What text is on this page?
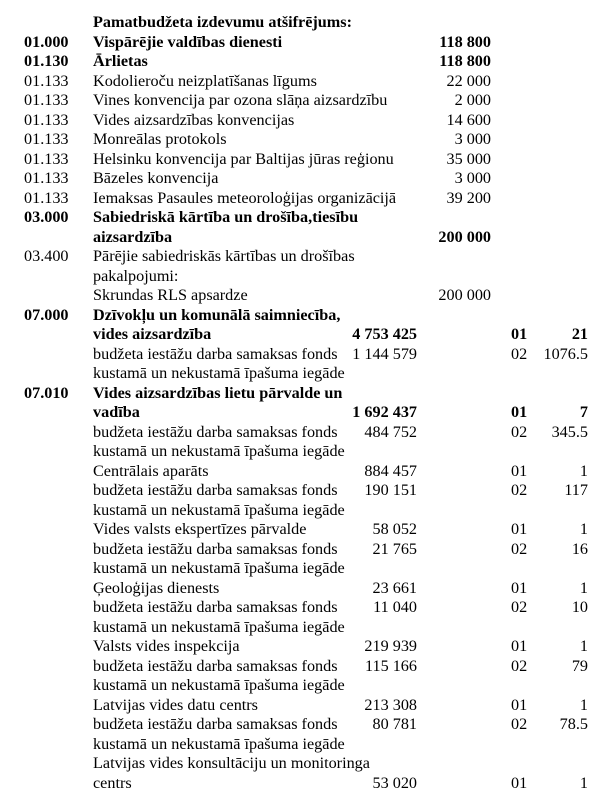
Pamatbudžeta izdevumu atšifrējums:
01.000 Vispārējie valdības dienesti	118 800
01.130 Ārlietas	118 800
01.133 Kodolieroču neizplatīšanas līgums	22 000
01.133 Vines konvencija par ozona slāņa aizsardzību	2 000
01.133 Vides aizsardzības konvencijas	14 600
01.133 Monreālas protokols	3 000
01.133 Helsinku konvencija par Baltijas jūras reģionu	35 000
01.133 Bāzeles konvencija	3 000
01.133 Iemaksas Pasaules meteoroloģijas organizācijā	39 200
03.000 Sabiedriskā kārtība un drošība,tiesību
aizsardzība	200 000
03.400 Pārējie sabiedriskās kārtības un drošības
pakalpojumi:
Skrundas RLS apsardze	200 000
07.000 Dzīvokļu un komunālā saimniecība,
vides aizsardzība	4 753 425	01	21
budžeta iestāžu darba samaksas fonds 1 144 579	02 1076.5
kustamā un nekustamā īpašuma iegāde
07.010 Vides aizsardzības lietu pārvalde un
vadība	1 692 437	01	7
budžeta iestāžu darba samaksas fonds 484 752	02 345.5
kustamā un nekustamā īpašuma iegāde
Centrālais aparāts	884 457	01	1
budžeta iestāžu darba samaksas fonds 190 151	02 117
kustamā un nekustamā īpašuma iegāde
Vides valsts ekspertīzes pārvalde	58 052	01	1
budžeta iestāžu darba samaksas fonds 21 765	02	16
kustamā un nekustamā īpašuma iegāde
Ģeoloģijas dienests	23 661	01	1
budžeta iestāžu darba samaksas fonds 11 040	02	10
kustamā un nekustamā īpašuma iegāde
Valsts vides inspekcija	219 939	01	1
budžeta iestāžu darba samaksas fonds 115 166	02	79
kustamā un nekustamā īpašuma iegāde
Latvijas vides datu centrs	213 308	01	1
budžeta iestāžu darba samaksas fonds 80 781	02 78.5
kustamā un nekustamā īpašuma iegāde
Latvijas vides konsultāciju un monitoringa
centrs	53 020	01	1
